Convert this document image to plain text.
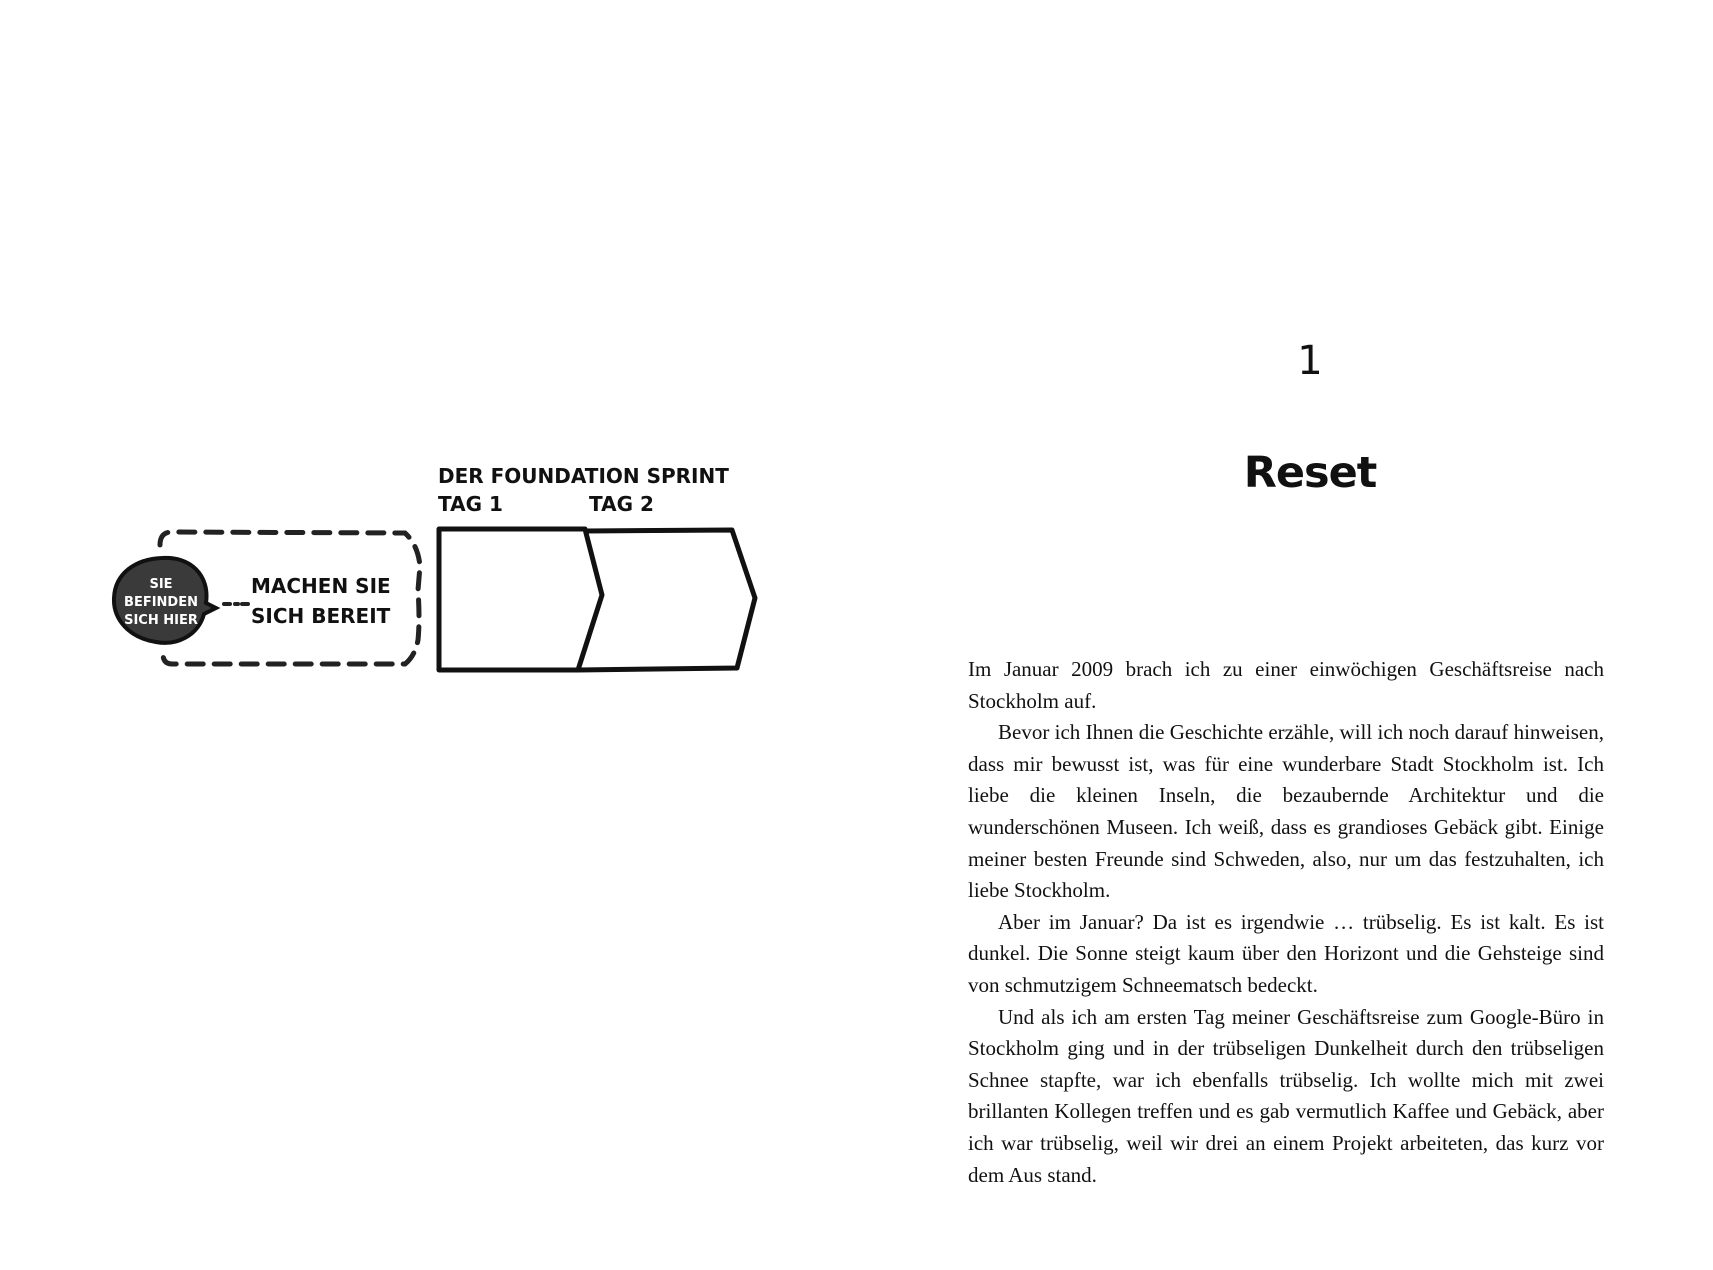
DER FOUNDATION SPRINT
TAG 1	TAG 2
SIE
BEFINDEN
SICH HIER
MACHEN SIE
SICH BEREIT
1
Reset

Im Januar 2009 brach ich zu einer einwöchigen Geschäftsreise nach Stockholm auf.

Bevor ich Ihnen die Geschichte erzähle, will ich noch darauf hinweisen, dass mir bewusst ist, was für eine wunderbare Stadt Stockholm ist. Ich liebe die kleinen Inseln, die bezaubernde Architektur und die wunderschönen Museen. Ich weiß, dass es grandioses Gebäck gibt. Einige meiner besten Freunde sind Schweden, also, nur um das festzuhalten, ich liebe Stockholm.

Aber im Januar? Da ist es irgendwie … trübselig. Es ist kalt. Es ist dunkel. Die Sonne steigt kaum über den Horizont und die Gehsteige sind von schmutzigem Schneematsch bedeckt.

Und als ich am ersten Tag meiner Geschäftsreise zum Google-Büro in Stockholm ging und in der trübseligen Dunkelheit durch den trübseligen Schnee stapfte, war ich ebenfalls trübselig. Ich wollte mich mit zwei brillanten Kollegen treffen und es gab vermutlich Kaffee und Gebäck, aber ich war trübselig, weil wir drei an einem Projekt arbeiteten, das kurz vor dem Aus stand.
